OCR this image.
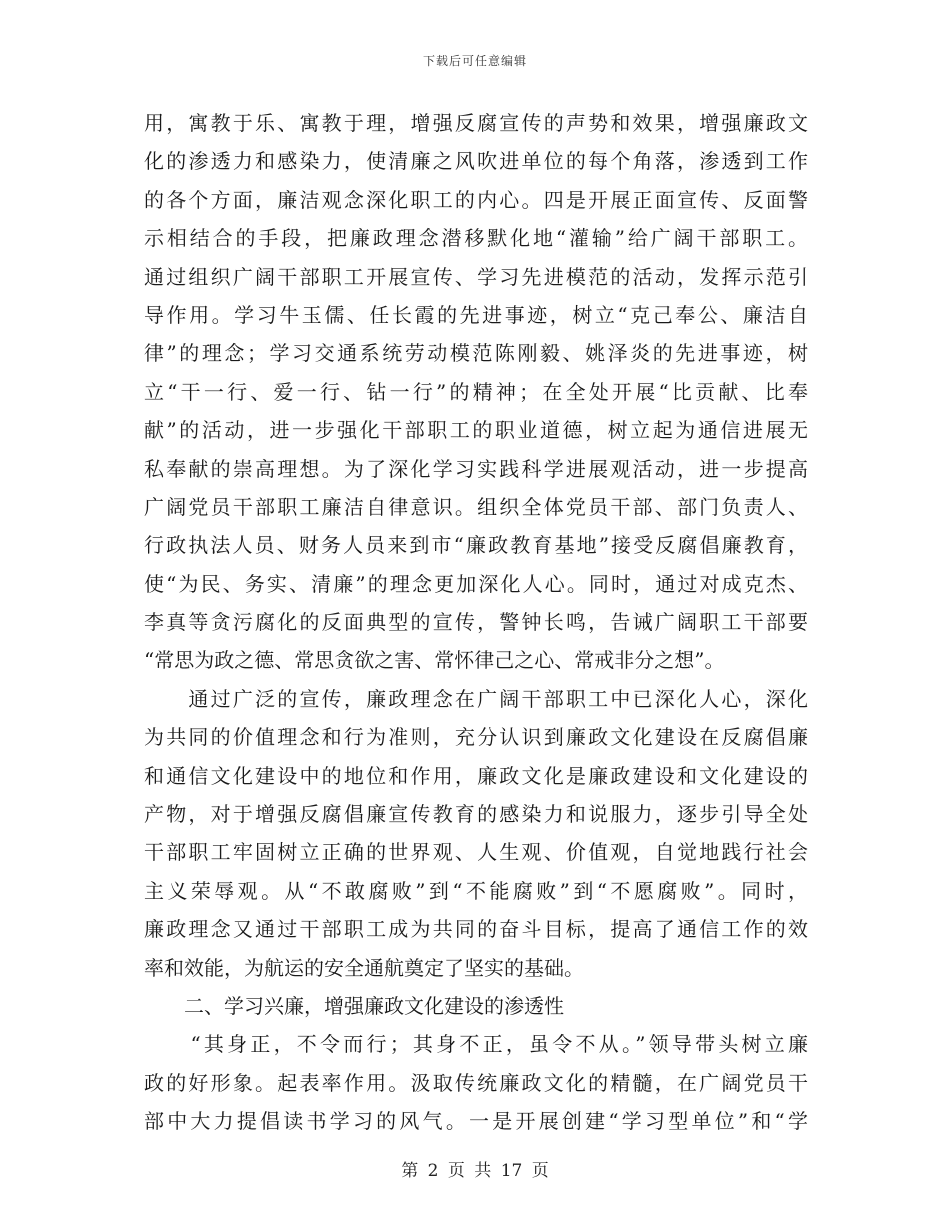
下载后可任意编辑
用，寓教于乐、寓教于理，增强反腐宣传的声势和效果，增强廉政文
化的渗透力和感染力，使清廉之风吹进单位的每个角落，渗透到工作
的各个方面，廉洁观念深化职工的内心。四是开展正面宣传、反面警
示相结合的手段，把廉政理念潜移默化地“灌输”给广阔干部职工。
通过组织广阔干部职工开展宣传、学习先进模范的活动，发挥示范引
导作用。学习牛玉儒、任长霞的先进事迹，树立“克己奉公、廉洁自
律”的理念；学习交通系统劳动模范陈刚毅、姚泽炎的先进事迹，树
立“干一行、爱一行、钻一行”的精神；在全处开展“比贡献、比奉
献”的活动，进一步强化干部职工的职业道德，树立起为通信进展无
私奉献的崇高理想。为了深化学习实践科学进展观活动，进一步提高
广阔党员干部职工廉洁自律意识。组织全体党员干部、部门负责人、
行政执法人员、财务人员来到市“廉政教育基地”接受反腐倡廉教育，
使“为民、务实、清廉”的理念更加深化人心。同时，通过对成克杰、
李真等贪污腐化的反面典型的宣传，警钟长鸣，告诫广阔职工干部要
“常思为政之德、常思贪欲之害、常怀律己之心、常戒非分之想”。
　　通过广泛的宣传，廉政理念在广阔干部职工中已深化人心，深化
为共同的价值理念和行为准则，充分认识到廉政文化建设在反腐倡廉
和通信文化建设中的地位和作用，廉政文化是廉政建设和文化建设的
产物，对于增强反腐倡廉宣传教育的感染力和说服力，逐步引导全处
干部职工牢固树立正确的世界观、人生观、价值观，自觉地践行社会
主义荣辱观。从“不敢腐败”到“不能腐败”到“不愿腐败”。同时，
廉政理念又通过干部职工成为共同的奋斗目标，提高了通信工作的效
率和效能，为航运的安全通航奠定了坚实的基础。
　　二、学习兴廉，增强廉政文化建设的渗透性
　　“其身正，不令而行；其身不正，虽令不从。”领导带头树立廉
政的好形象。起表率作用。汲取传统廉政文化的精髓，在广阔党员干
部中大力提倡读书学习的风气。一是开展创建“学习型单位”和“学
第 2 页 共 17 页
